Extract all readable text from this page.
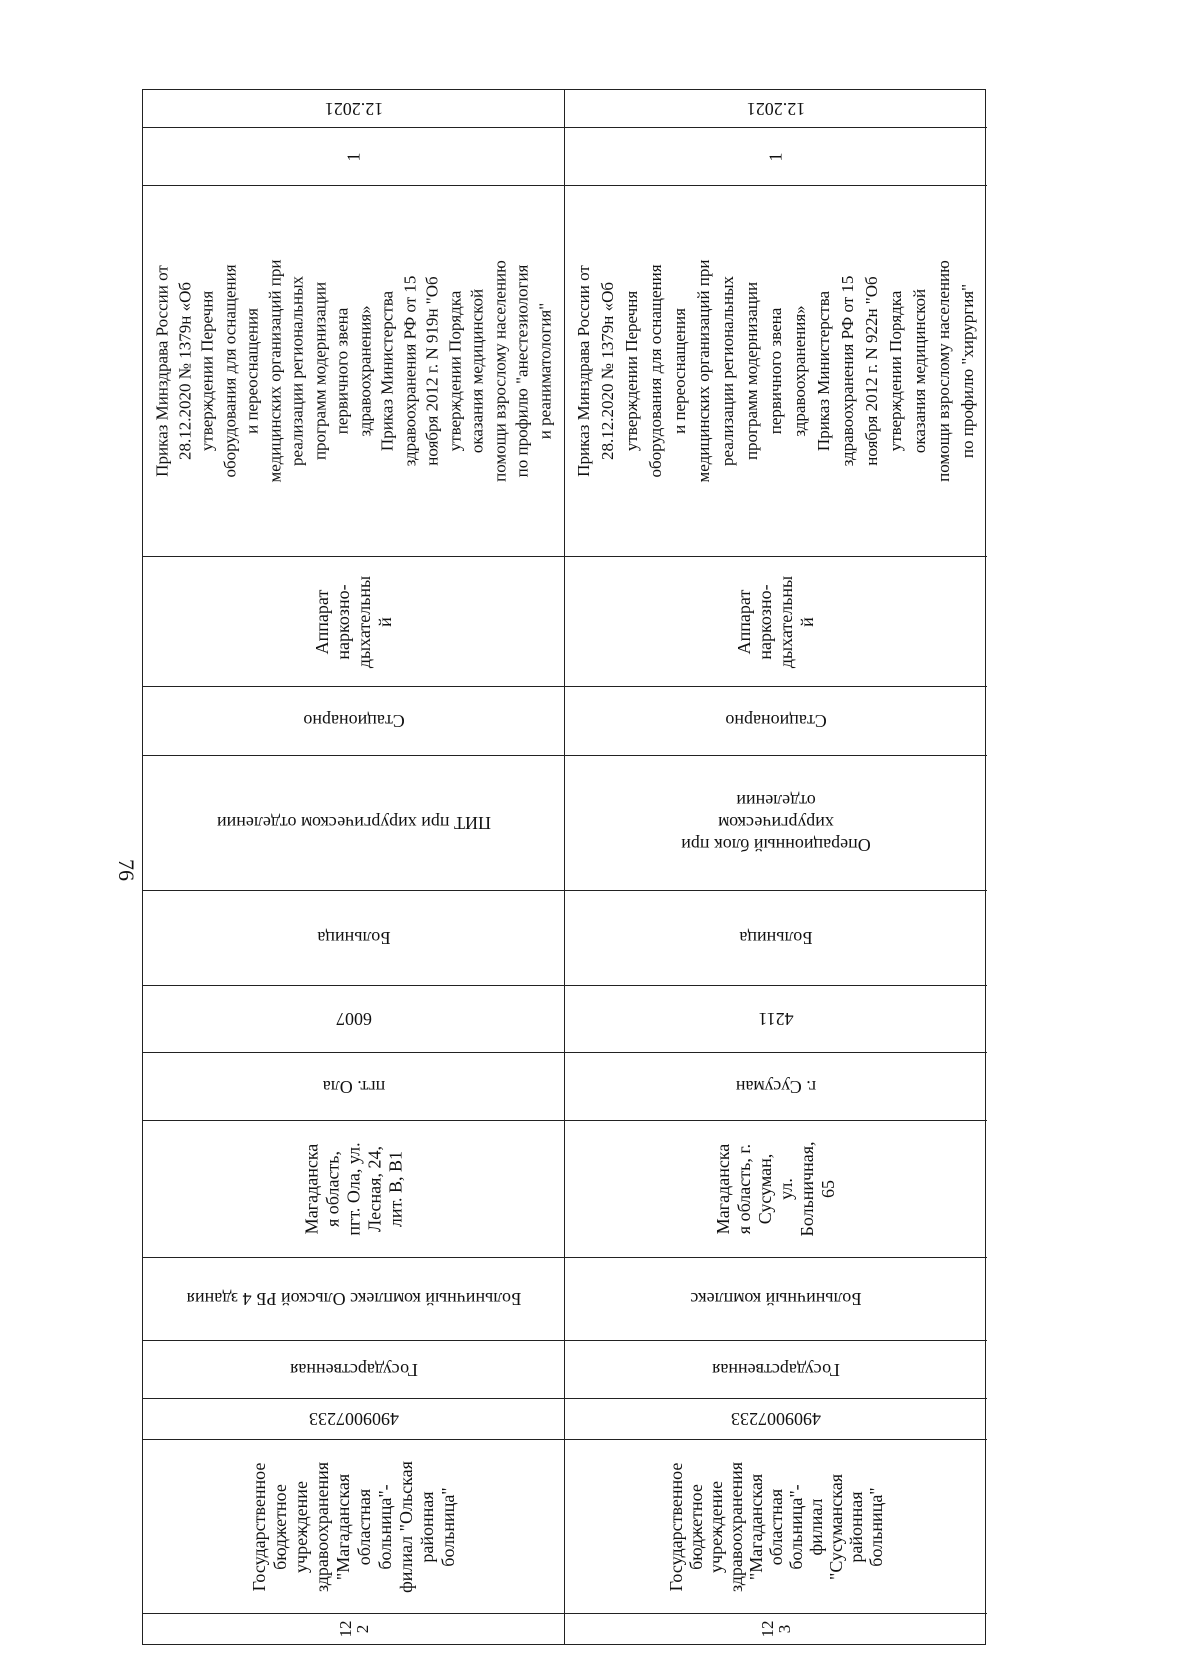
76
12.2021
1
Приказ Минздрава России от
28.12.2020 № 1379н «Об
утверждении Перечня
оборудования для оснащения
и переоснащения
медицинских организаций при
реализации региональных
программ модернизации
первичного звена
здравоохранения»
Приказ Министерства
здравоохранения РФ от 15
ноября 2012 г. N 919н "Об
утверждении Порядка
оказания медицинской
помощи взрослому населению
по профилю "анестезиология
и реаниматология"
Аппарат
наркозно-
дыхательны
й
Стационарно
ПИТ при хирургическом отделении
Больница
6007
пгт. Ола
Магаданска
я область,
пгт. Ола, ул.
Лесная, 24,
лит. В, В1
Больничный комплекс Ольской РБ 4 здания
Государственная
4909007233
Государственное
бюджетное
учреждение
здравоохранения
"Магаданская
областная
больница"-
филиал "Ольская
районная
больница"
12
2
12.2021
1
Приказ Минздрава России от
28.12.2020 № 1379н «Об
утверждении Перечня
оборудования для оснащения
и переоснащения
медицинских организаций при
реализации региональных
программ модернизации
первичного звена
здравоохранения»
Приказ Министерства
здравоохранения РФ от 15
ноября 2012 г. N 922н "Об
утверждении Порядка
оказания медицинской
помощи взрослому населению
по профилю "хирургия"
Аппарат
наркозно-
дыхательны
й
Стационарно
Операционный блок при хирургическом
отделении
Больница
4211
г. Сусуман
Магаданска
я область, г.
Сусуман,
ул.
Больничная,
65
Больничный комплекс
Государственная
4909007233
Государственное
бюджетное
учреждение
здравоохранения
"Магаданская
областная
больница"-
филиал
"Сусуманская
районная
больница"
12
3
